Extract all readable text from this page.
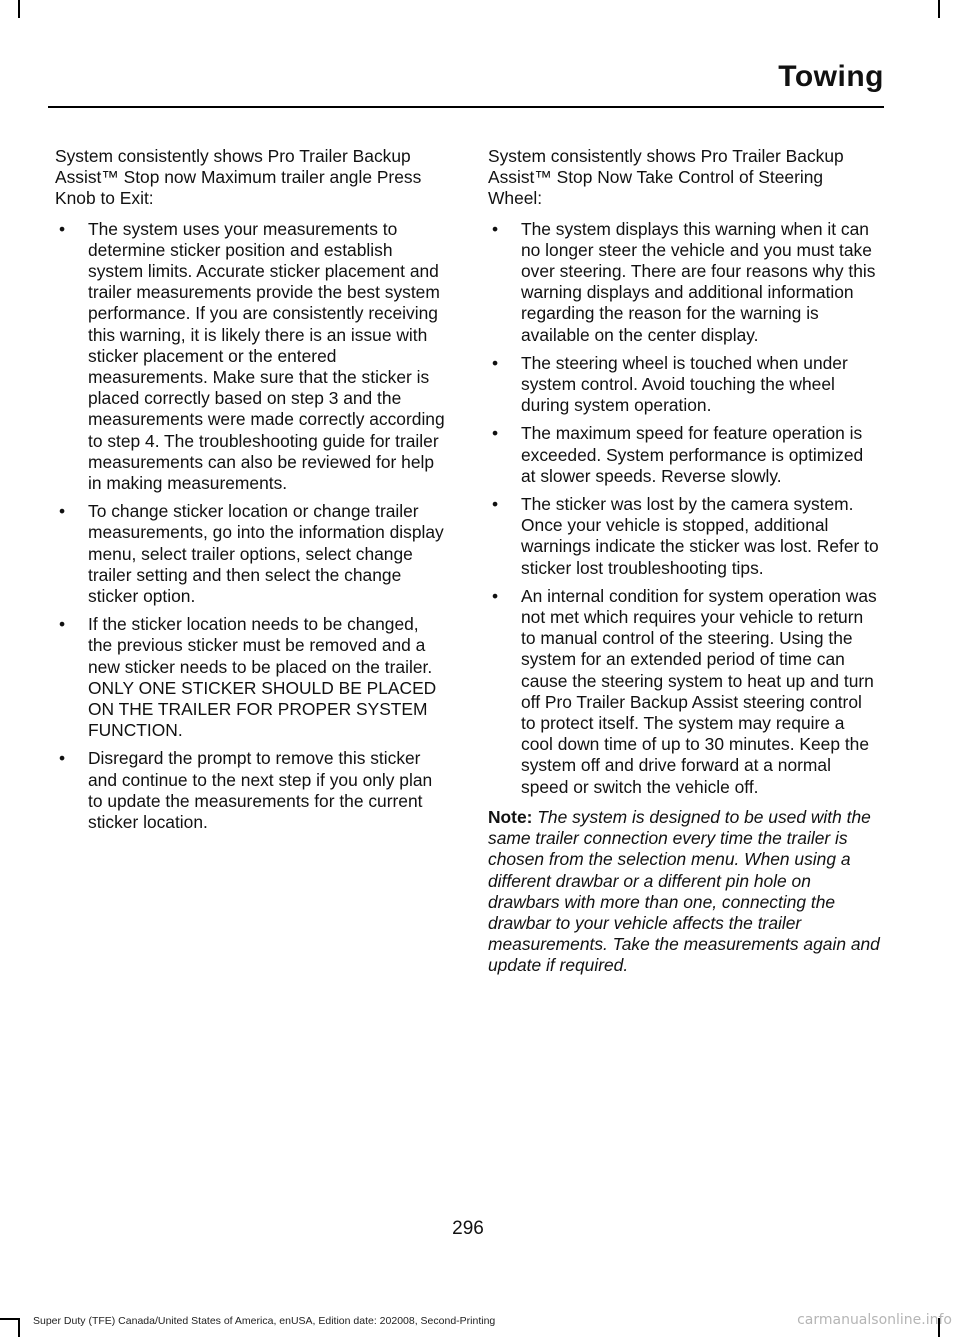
Towing

System consistently shows Pro Trailer Backup Assist™ Stop now Maximum trailer angle Press Knob to Exit:

• The system uses your measurements to determine sticker position and establish system limits. Accurate sticker placement and trailer measurements provide the best system performance. If you are consistently receiving this warning, it is likely there is an issue with sticker placement or the entered measurements. Make sure that the sticker is placed correctly based on step 3 and the measurements were made correctly according to step 4. The troubleshooting guide for trailer measurements can also be reviewed for help in making measurements.
• To change sticker location or change trailer measurements, go into the information display menu, select trailer options, select change trailer setting and then select the change sticker option.
• If the sticker location needs to be changed, the previous sticker must be removed and a new sticker needs to be placed on the trailer. ONLY ONE STICKER SHOULD BE PLACED ON THE TRAILER FOR PROPER SYSTEM FUNCTION.
• Disregard the prompt to remove this sticker and continue to the next step if you only plan to update the measurements for the current sticker location.

System consistently shows Pro Trailer Backup Assist™ Stop Now Take Control of Steering Wheel:

• The system displays this warning when it can no longer steer the vehicle and you must take over steering. There are four reasons why this warning displays and additional information regarding the reason for the warning is available on the center display.
• The steering wheel is touched when under system control. Avoid touching the wheel during system operation.
• The maximum speed for feature operation is exceeded. System performance is optimized at slower speeds. Reverse slowly.
• The sticker was lost by the camera system. Once your vehicle is stopped, additional warnings indicate the sticker was lost. Refer to sticker lost troubleshooting tips.
• An internal condition for system operation was not met which requires your vehicle to return to manual control of the steering. Using the system for an extended period of time can cause the steering system to heat up and turn off Pro Trailer Backup Assist steering control to protect itself. The system may require a cool down time of up to 30 minutes. Keep the system off and drive forward at a normal speed or switch the vehicle off.

Note: The system is designed to be used with the same trailer connection every time the trailer is chosen from the selection menu. When using a different drawbar or a different pin hole on drawbars with more than one, connecting the drawbar to your vehicle affects the trailer measurements. Take the measurements again and update if required.

296
Super Duty (TFE) Canada/United States of America, enUSA, Edition date: 202008, Second-Printing	carmanualsonline.info
